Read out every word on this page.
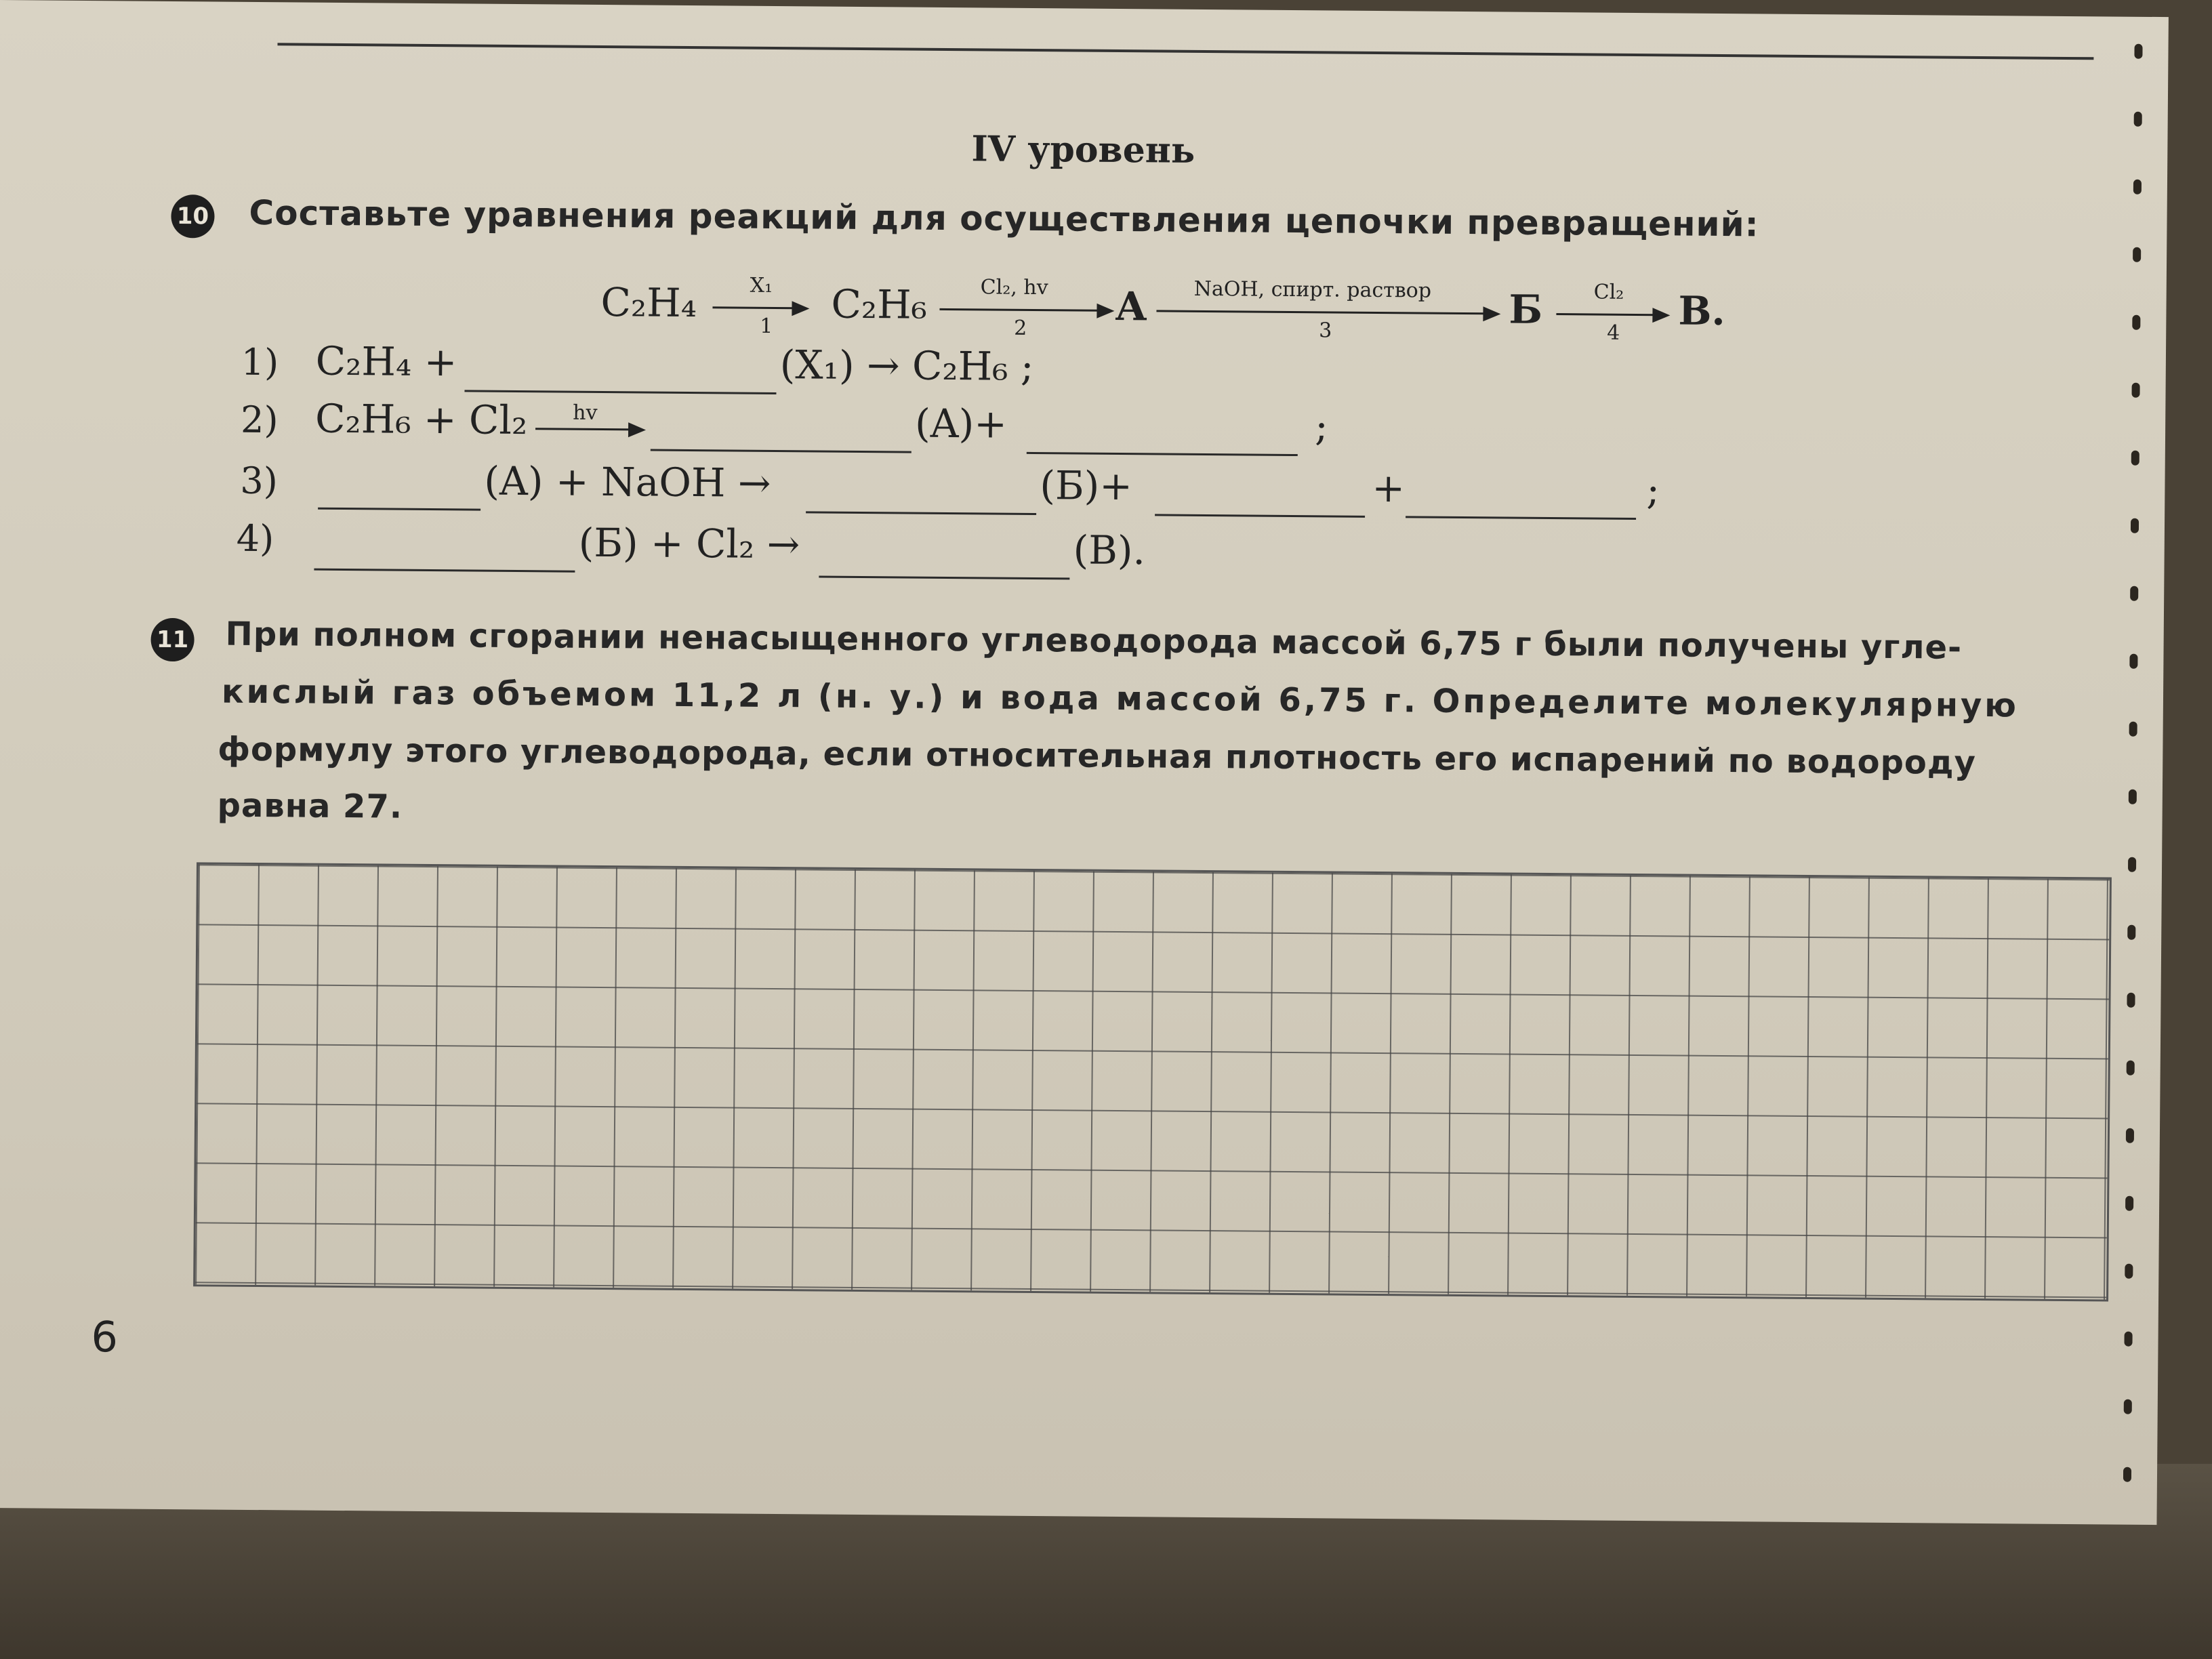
IV уровень
10 Составьте уравнения реакций для осуществления цепочки превращений:
C₂H₄	X₁
1 C₂H₆	Cl₂, hv
2 A NaOH, спирт. раствор
3	Б	Cl₂
4 В.
1) C₂H₄ +	(X₁) → C₂H₆ ;
2) C₂H₆ + Cl₂ hv	(A)+	;
3)	(A) + NaOH →	(Б)+	+	;
4)	(Б) + Cl₂ →	(В).
11 При полном сгорании ненасыщенного углеводорода массой 6,75 г были получены угле-
кислый газ объемом 11,2 л (н. у.) и вода массой 6,75 г. Определите молекулярную
формулу этого углеводорода, если относительная плотность его испарений по водороду
равна 27.
6
